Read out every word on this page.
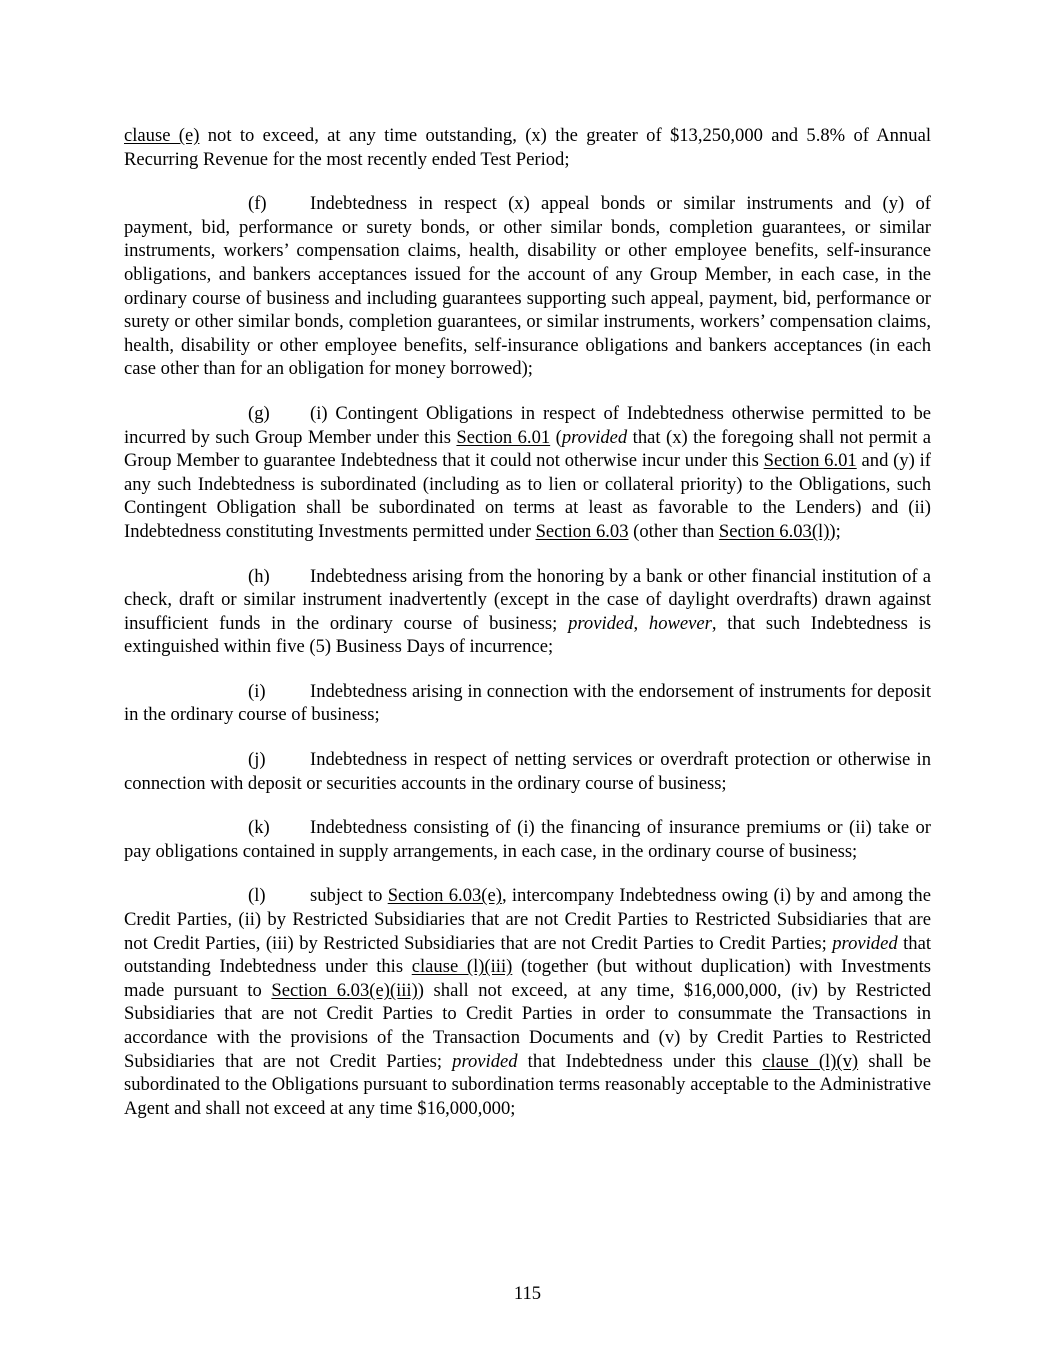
clause (e) not to exceed, at any time outstanding, (x) the greater of $13,250,000 and 5.8% of Annual Recurring Revenue for the most recently ended Test Period;

(f) Indebtedness in respect (x) appeal bonds or similar instruments and (y) of payment, bid, performance or surety bonds, or other similar bonds, completion guarantees, or similar instruments, workers’ compensation claims, health, disability or other employee benefits, self-insurance obligations, and bankers acceptances issued for the account of any Group Member, in each case, in the ordinary course of business and including guarantees supporting such appeal, payment, bid, performance or surety or other similar bonds, completion guarantees, or similar instruments, workers’ compensation claims, health, disability or other employee benefits, self-insurance obligations and bankers acceptances (in each case other than for an obligation for money borrowed);

(g) (i) Contingent Obligations in respect of Indebtedness otherwise permitted to be incurred by such Group Member under this Section 6.01 (provided that (x) the foregoing shall not permit a Group Member to guarantee Indebtedness that it could not otherwise incur under this Section 6.01 and (y) if any such Indebtedness is subordinated (including as to lien or collateral priority) to the Obligations, such Contingent Obligation shall be subordinated on terms at least as favorable to the Lenders) and (ii) Indebtedness constituting Investments permitted under Section 6.03 (other than Section 6.03(l));

(h) Indebtedness arising from the honoring by a bank or other financial institution of a check, draft or similar instrument inadvertently (except in the case of daylight overdrafts) drawn against insufficient funds in the ordinary course of business; provided, however, that such Indebtedness is extinguished within five (5) Business Days of incurrence;

(i) Indebtedness arising in connection with the endorsement of instruments for deposit in the ordinary course of business;

(j) Indebtedness in respect of netting services or overdraft protection or otherwise in connection with deposit or securities accounts in the ordinary course of business;

(k) Indebtedness consisting of (i) the financing of insurance premiums or (ii) take or pay obligations contained in supply arrangements, in each case, in the ordinary course of business;

(l) subject to Section 6.03(e), intercompany Indebtedness owing (i) by and among the Credit Parties, (ii) by Restricted Subsidiaries that are not Credit Parties to Restricted Subsidiaries that are not Credit Parties, (iii) by Restricted Subsidiaries that are not Credit Parties to Credit Parties; provided that outstanding Indebtedness under this clause (l)(iii) (together (but without duplication) with Investments made pursuant to Section 6.03(e)(iii)) shall not exceed, at any time, $16,000,000, (iv) by Restricted Subsidiaries that are not Credit Parties to Credit Parties in order to consummate the Transactions in accordance with the provisions of the Transaction Documents and (v) by Credit Parties to Restricted Subsidiaries that are not Credit Parties; provided that Indebtedness under this clause (l)(v) shall be subordinated to the Obligations pursuant to subordination terms reasonably acceptable to the Administrative Agent and shall not exceed at any time $16,000,000;

115
